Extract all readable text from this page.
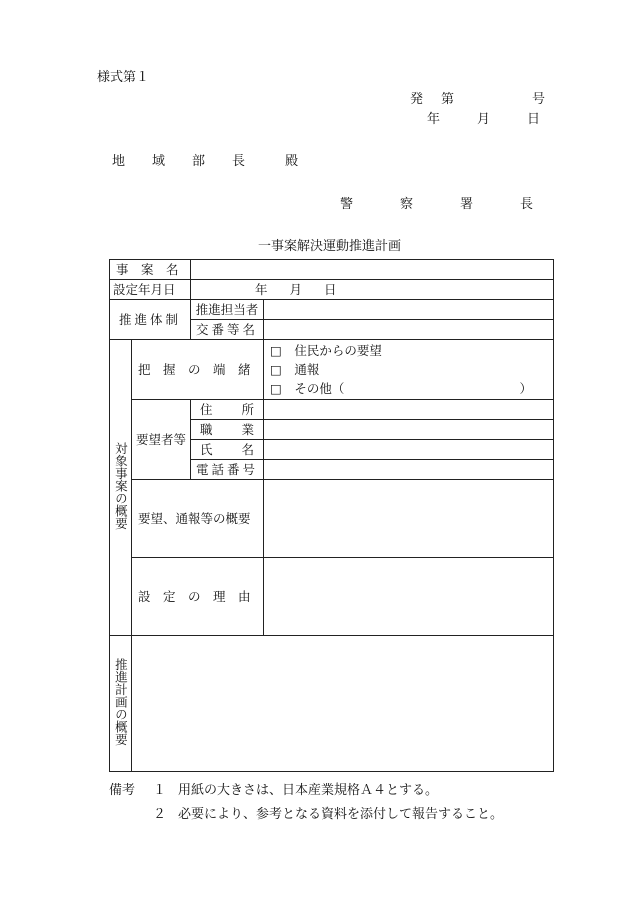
様式第１
発 第	号
年	月	日
地 域 部 長	殿
警	察	署	長
一事案解決運動推進計画
事　案　名			
設定年月日		年 月 日	
推進体制		推進担当者	
		交番等名	
対象事案の概要	把　握　の　端　緒		□　住民からの要望
□　通報
□　その他（ ）

	要望者等	住 所	

		職 業	

		氏 名	

		電話番号	
	要望、通報等の概要		
	設　定　の　理　由		
推進計画の概要			
備考 １ 用紙の大きさは、日本産業規格Ａ４とする。
２ 必要により、参考となる資料を添付して報告すること。
